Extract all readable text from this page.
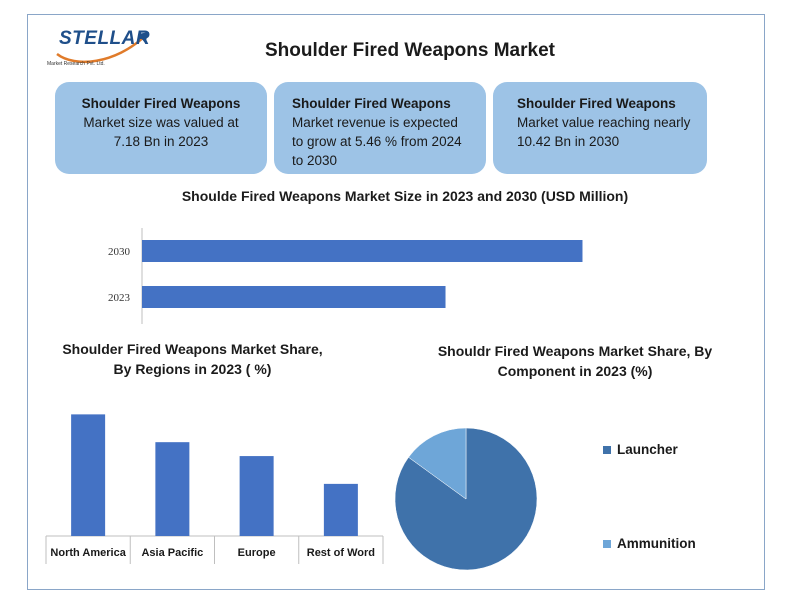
STELLAR
Market Research Pvt. Ltd.
Shoulder Fired Weapons Market
Shoulder Fired Weapons
Market size was valued at 7.18 Bn in 2023
Shoulder Fired Weapons
Market revenue is expected to grow at 5.46 % from 2024 to 2030
Shoulder Fired Weapons
Market value reaching nearly 10.42 Bn in 2030
Shoulde Fired Weapons Market Size in 2023 and 2030 (USD Million)
2030
2023
Shoulder Fired Weapons Market Share, By Regions in 2023 ( %)
North America Asia Pacific	Europe	Rest of Word
Shouldr Fired Weapons Market Share, By Component in 2023 (%)
Launcher
Ammunition
